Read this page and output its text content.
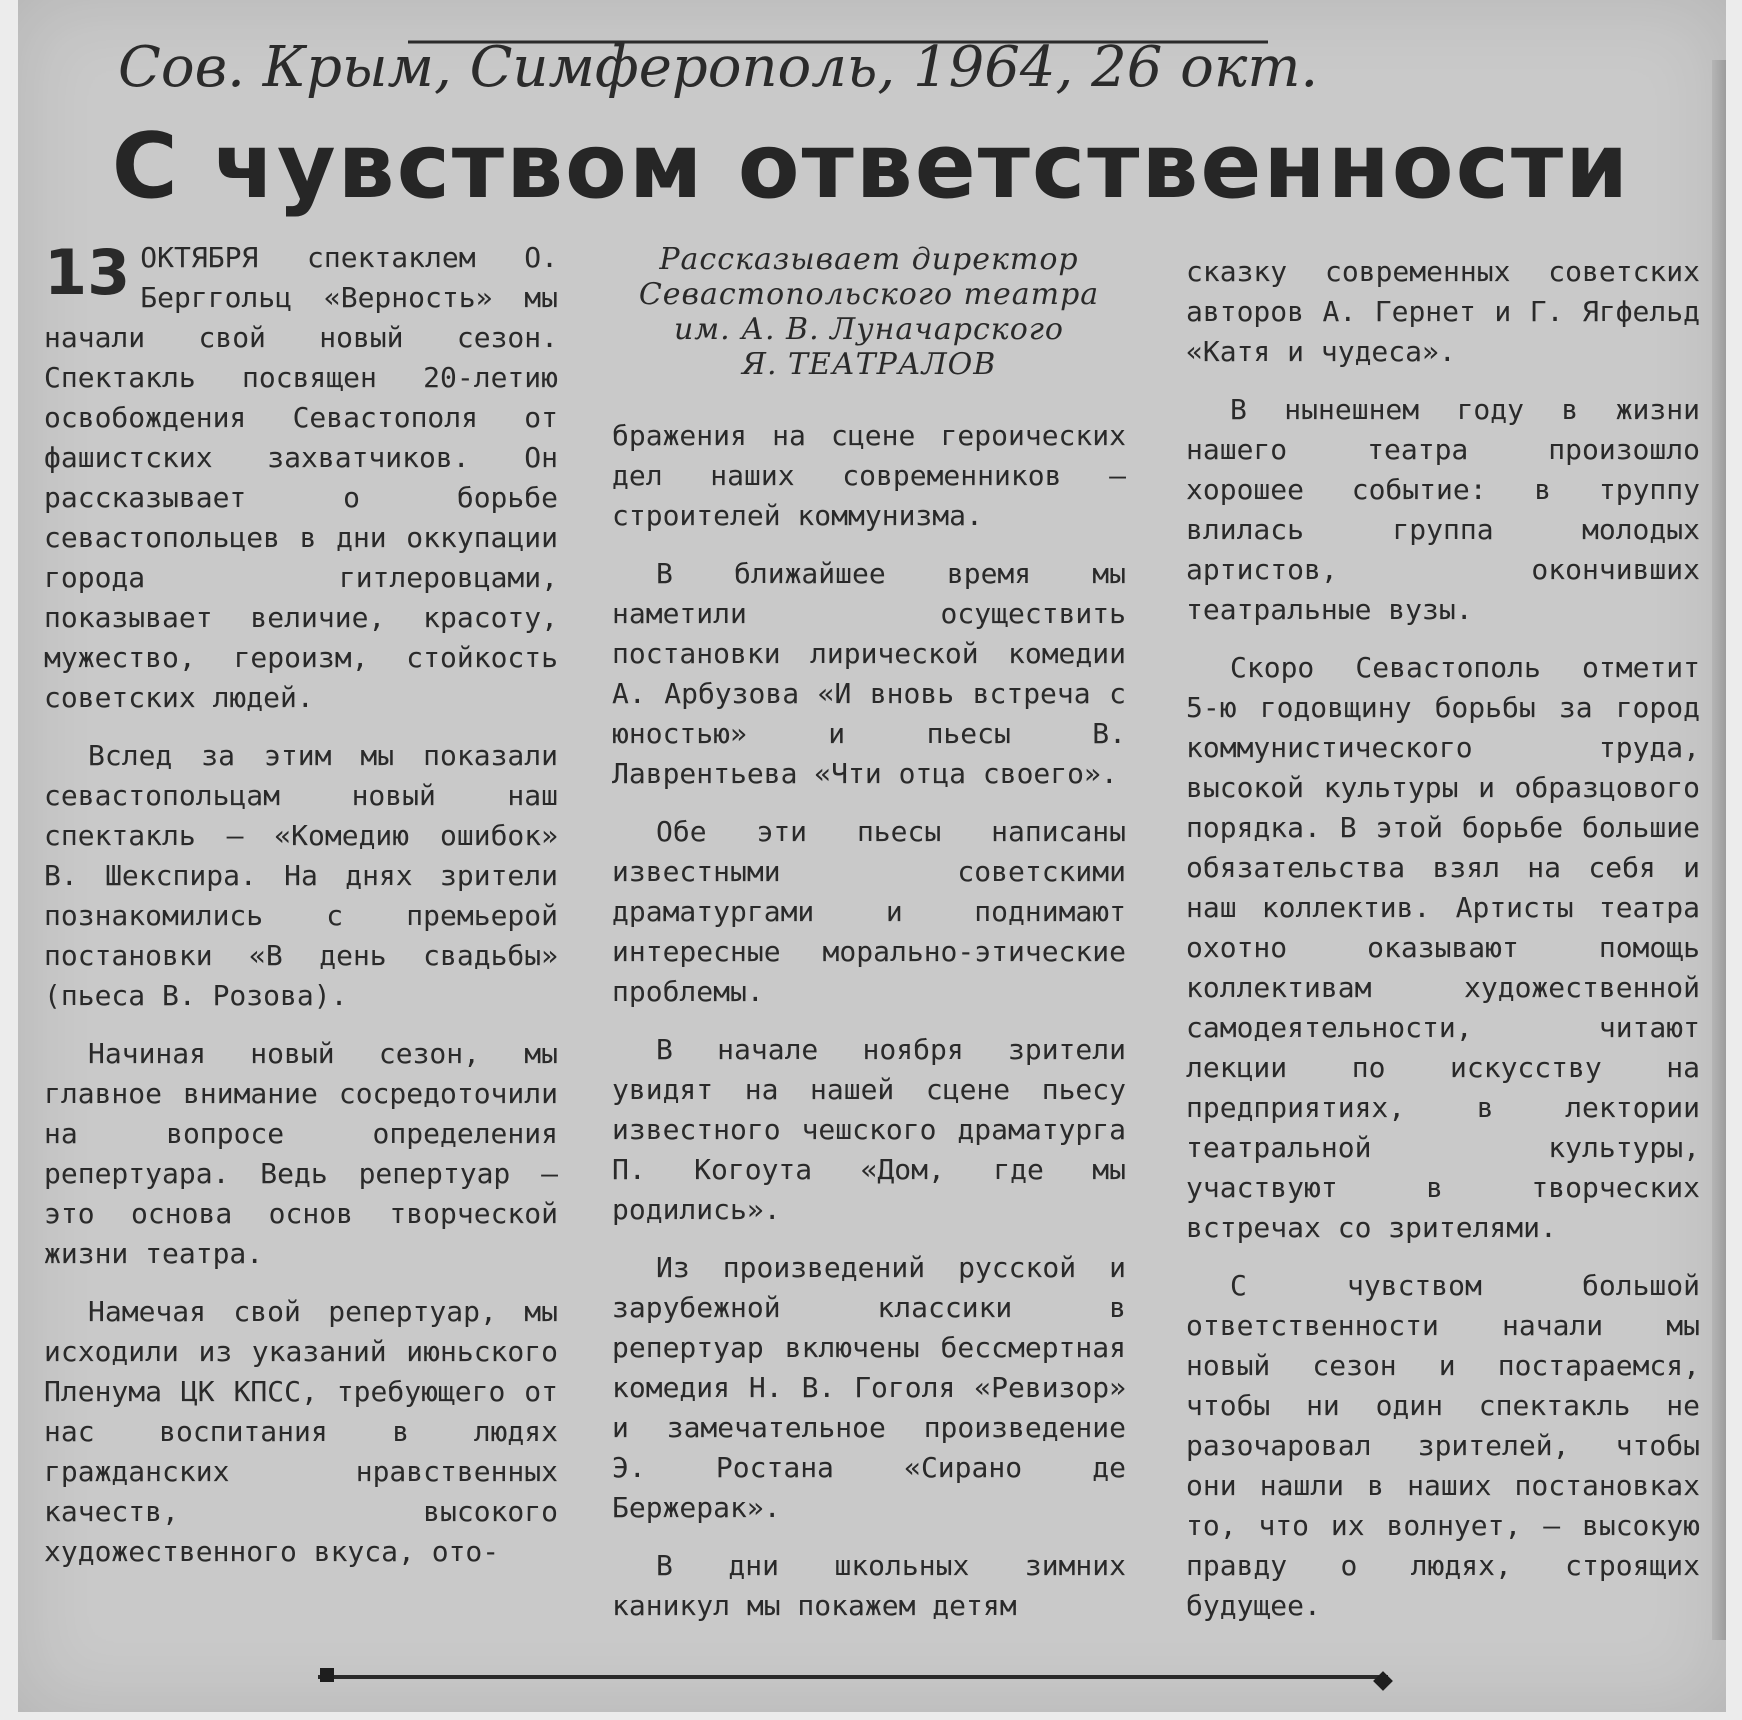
Сов. Крым, Симферополь, 1964, 26 окт.
С чувством ответственности

13 ОКТЯБРЯ спектаклем О. Берггольц «Верность» мы начали свой новый сезон. Спектакль посвящен 20-летию освобождения Севастополя от фашистских захватчиков. Он рассказывает о борьбе севастопольцев в дни оккупации города гитлеровцами, показывает величие, красоту, мужество, героизм, стойкость советских людей.

Вслед за этим мы показали севастопольцам новый наш спектакль — «Комедию ошибок» В. Шекспира. На днях зрители познакомились с премьерой постановки «В день свадьбы» (пьеса В. Розова).

Начиная новый сезон, мы главное внимание сосредоточили на вопросе определения репертуара. Ведь репертуар — это основа основ творческой жизни театра.

Намечая свой репертуар, мы исходили из указаний июньского Пленума ЦК КПСС, требующего от нас воспитания в людях гражданских нравственных качеств, высокого художественного вкуса, ото-

Рассказывает директор
Севастопольского театра
им. А. В. Луначарского
Я. ТЕАТРАЛОВ

бражения на сцене героических дел наших современников — строителей коммунизма.

В ближайшее время мы наметили осуществить постановки лирической комедии А. Арбузова «И вновь встреча с юностью» и пьесы В. Лаврентьева «Чти отца своего».

Обе эти пьесы написаны известными советскими драматургами и поднимают интересные морально-этические проблемы.

В начале ноября зрители увидят на нашей сцене пьесу известного чешского драматурга П. Когоута «Дом, где мы родились».

Из произведений русской и зарубежной классики в репертуар включены бессмертная комедия Н. В. Гоголя «Ревизор» и замечательное произведение Э. Ростана «Сирано де Бержерак».

В дни школьных зимних каникул мы покажем детям

сказку современных советских авторов А. Гернет и Г. Ягфельд «Катя и чудеса».

В нынешнем году в жизни нашего театра произошло хорошее событие: в труппу влилась группа молодых артистов, окончивших театральные вузы.

Скоро Севастополь отметит 5-ю годовщину борьбы за город коммунистического труда, высокой культуры и образцового порядка. В этой борьбе большие обязательства взял на себя и наш коллектив. Артисты театра охотно оказывают помощь коллективам художественной самодеятельности, читают лекции по искусству на предприятиях, в лектории театральной культуры, участвуют в творческих встречах со зрителями.

С чувством большой ответственности начали мы новый сезон и постараемся, чтобы ни один спектакль не разочаровал зрителей, чтобы они нашли в наших постановках то, что их волнует, — высокую правду о людях, строящих будущее.
